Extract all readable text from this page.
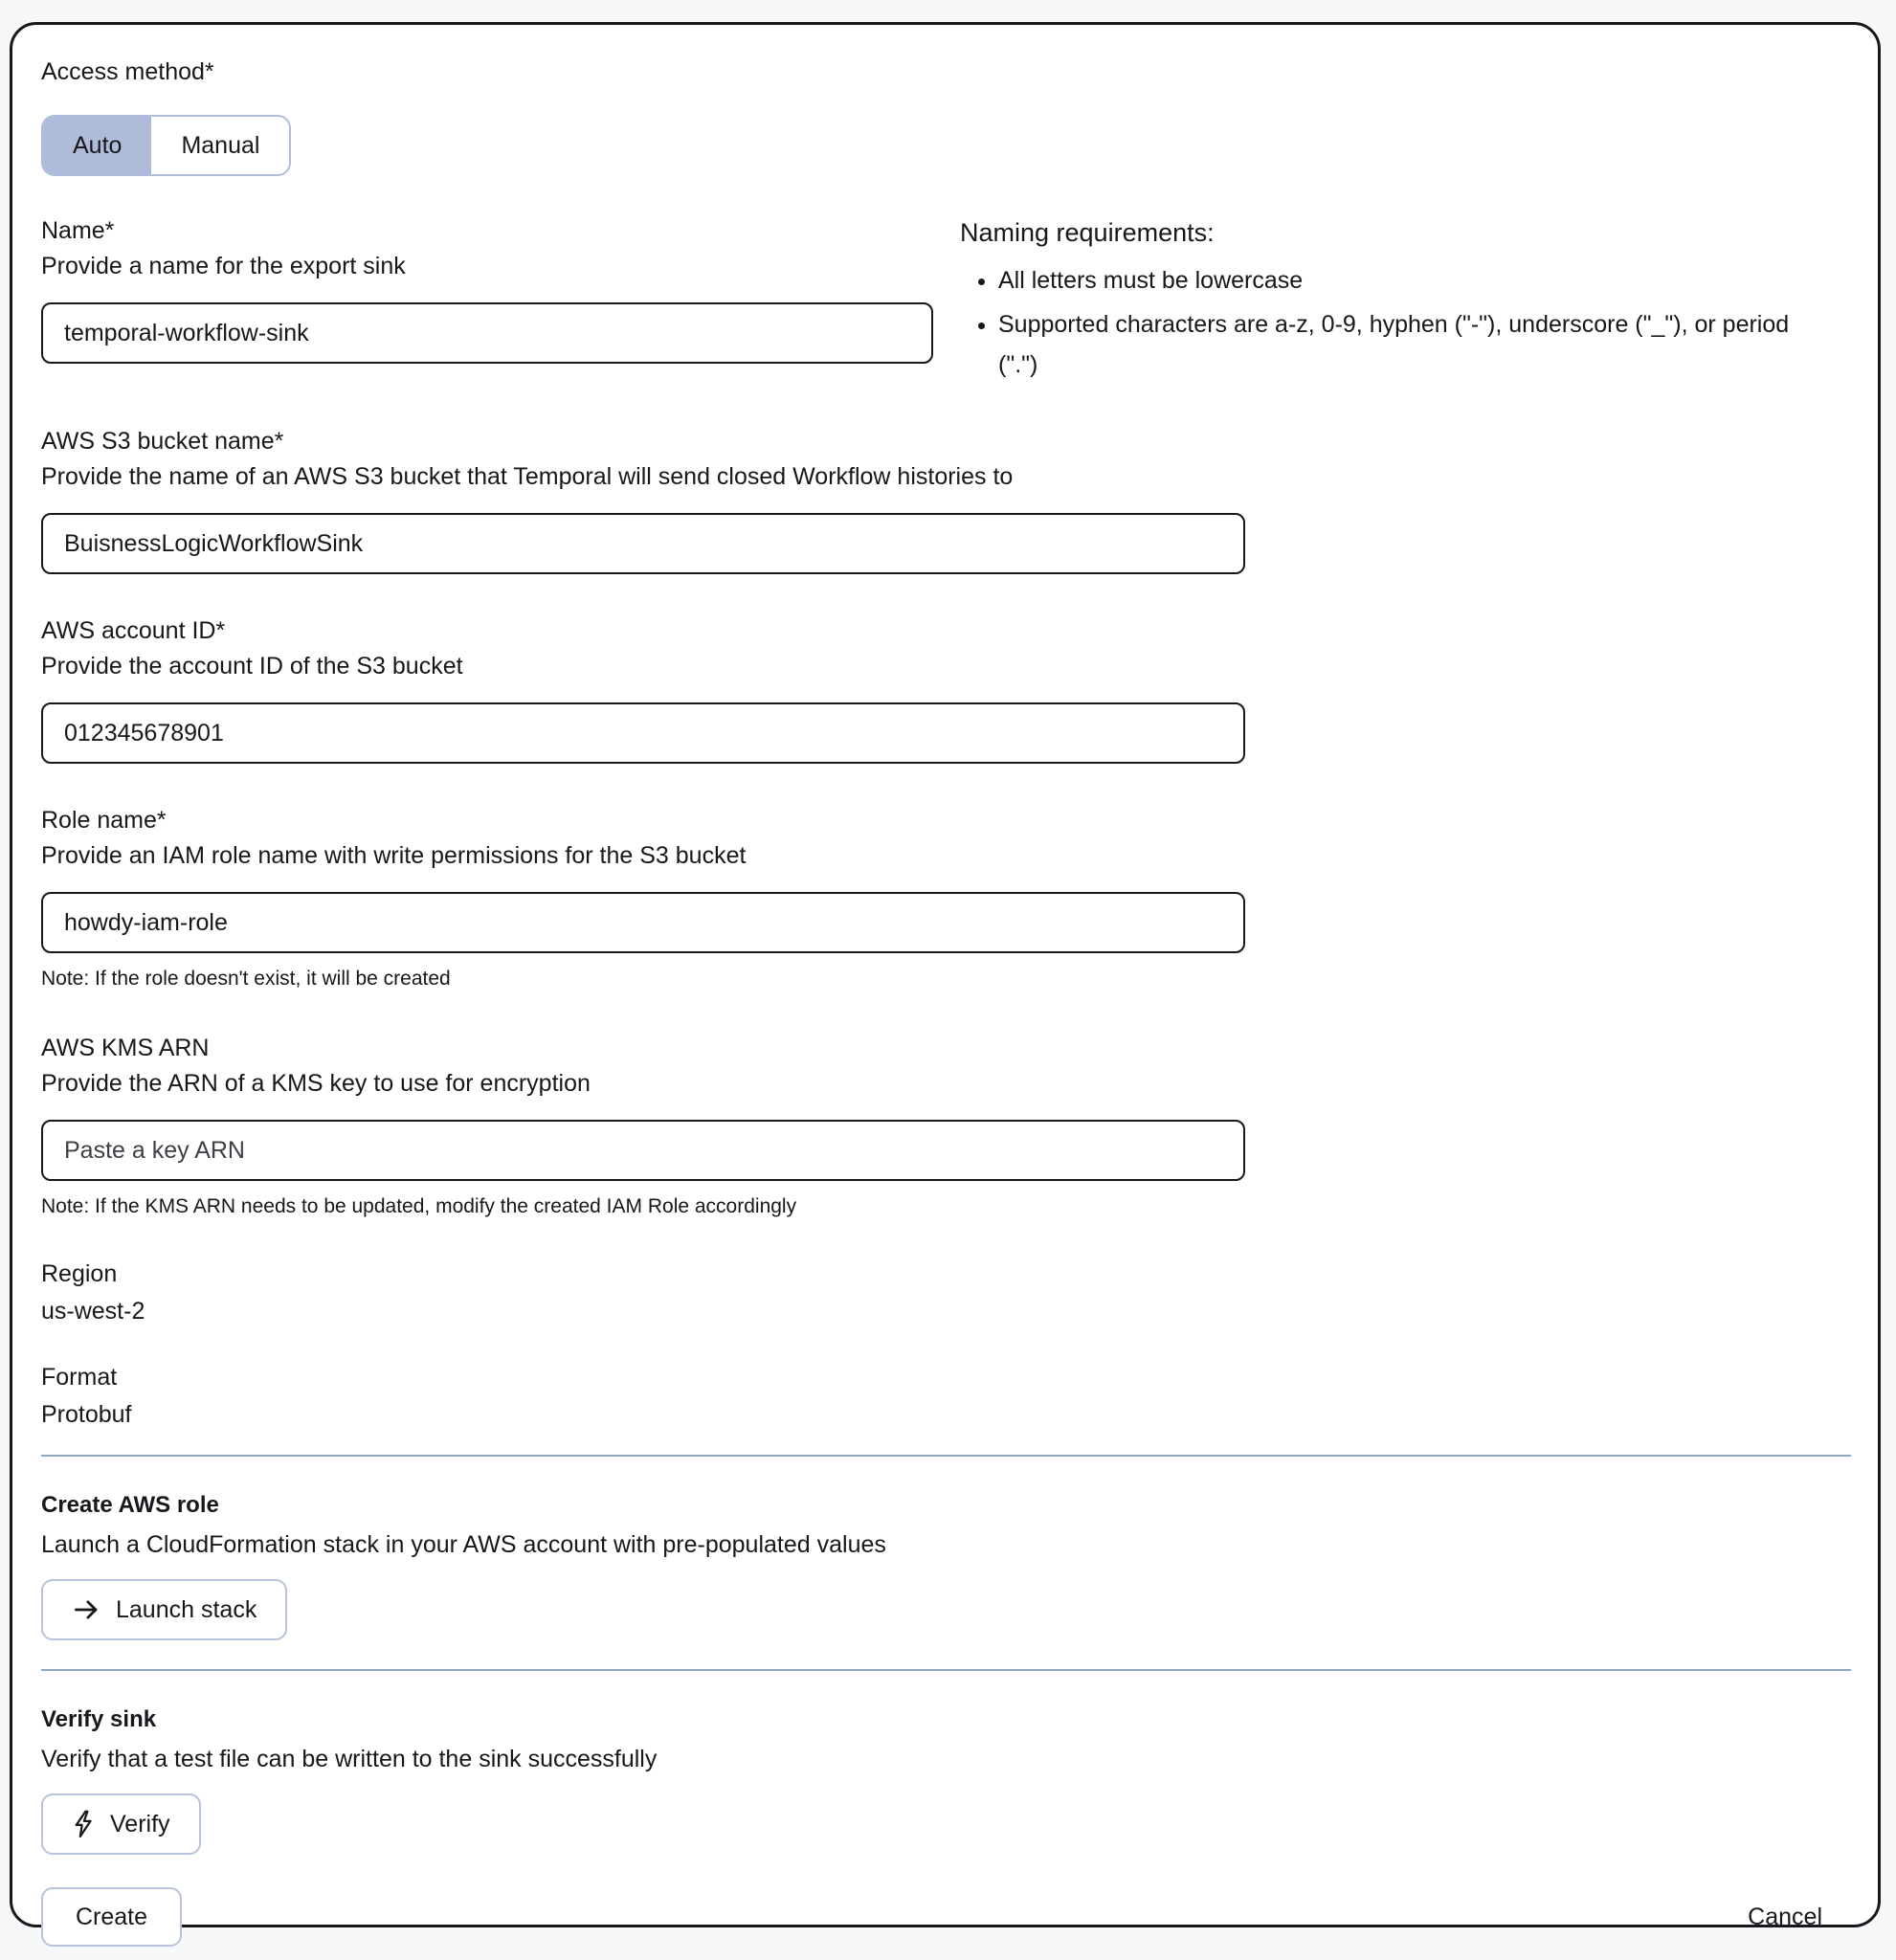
Access method*
Auto	Manual
Name*
Provide a name for the export sink
temporal-workflow-sink
Naming requirements:
• All letters must be lowercase
• Supported characters are a-z, 0-9, hyphen ("-"), underscore ("_"), or period (".")
AWS S3 bucket name*
Provide the name of an AWS S3 bucket that Temporal will send closed Workflow histories to
BuisnessLogicWorkflowSink
AWS account ID*
Provide the account ID of the S3 bucket
012345678901
Role name*
Provide an IAM role name with write permissions for the S3 bucket
howdy-iam-role
Note: If the role doesn't exist, it will be created
AWS KMS ARN
Provide the ARN of a KMS key to use for encryption
Paste a key ARN
Note: If the KMS ARN needs to be updated, modify the created IAM Role accordingly
Region
us-west-2
Format
Protobuf
Create AWS role
Launch a CloudFormation stack in your AWS account with pre-populated values
Launch stack
Verify sink
Verify that a test file can be written to the sink successfully
Verify
Create	Cancel
